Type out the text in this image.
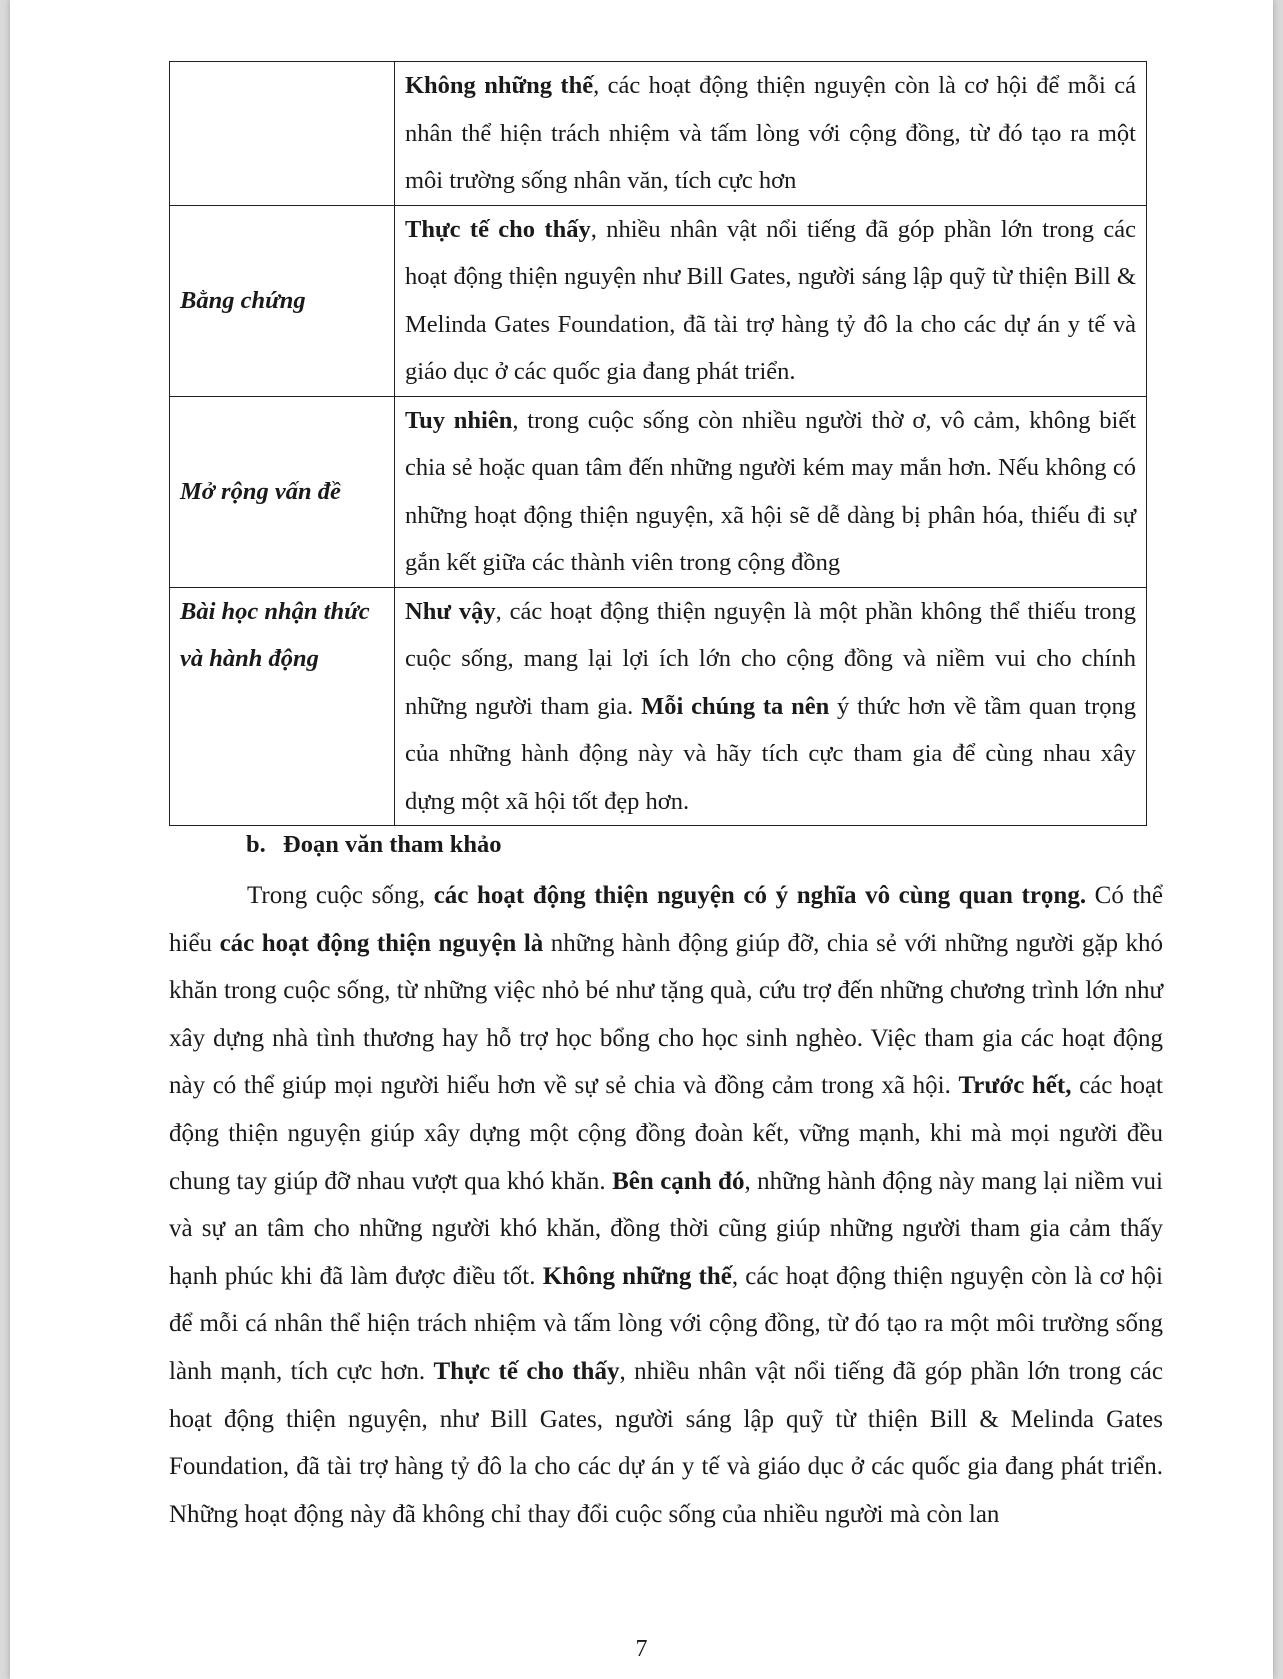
	Không những thế, các hoạt động thiện nguyện còn là cơ hội để mỗi cá nhân thể hiện trách nhiệm và tấm lòng với cộng đồng, từ đó tạo ra một môi trường sống nhân văn, tích cực hơn

Bằng chứng	Thực tế cho thấy, nhiều nhân vật nổi tiếng đã góp phần lớn trong các hoạt động thiện nguyện như Bill Gates, người sáng lập quỹ từ thiện Bill & Melinda Gates Foundation, đã tài trợ hàng tỷ đô la cho các dự án y tế và giáo dục ở các quốc gia đang phát triển.

Mở rộng vấn đề	Tuy nhiên, trong cuộc sống còn nhiều người thờ ơ, vô cảm, không biết chia sẻ hoặc quan tâm đến những người kém may mắn hơn. Nếu không có những hoạt động thiện nguyện, xã hội sẽ dễ dàng bị phân hóa, thiếu đi sự gắn kết giữa các thành viên trong cộng đồng

Bài học nhận thức và hành động	Như vậy, các hoạt động thiện nguyện là một phần không thể thiếu trong cuộc sống, mang lại lợi ích lớn cho cộng đồng và niềm vui cho chính những người tham gia. Mỗi chúng ta nên ý thức hơn về tầm quan trọng của những hành động này và hãy tích cực tham gia để cùng nhau xây dựng một xã hội tốt đẹp hơn.
b. Đoạn văn tham khảo

Trong cuộc sống, các hoạt động thiện nguyện có ý nghĩa vô cùng quan trọng. Có thể hiểu các hoạt động thiện nguyện là những hành động giúp đỡ, chia sẻ với những người gặp khó khăn trong cuộc sống, từ những việc nhỏ bé như tặng quà, cứu trợ đến những chương trình lớn như xây dựng nhà tình thương hay hỗ trợ học bổng cho học sinh nghèo. Việc tham gia các hoạt động này có thể giúp mọi người hiểu hơn về sự sẻ chia và đồng cảm trong xã hội. Trước hết, các hoạt động thiện nguyện giúp xây dựng một cộng đồng đoàn kết, vững mạnh, khi mà mọi người đều chung tay giúp đỡ nhau vượt qua khó khăn. Bên cạnh đó, những hành động này mang lại niềm vui và sự an tâm cho những người khó khăn, đồng thời cũng giúp những người tham gia cảm thấy hạnh phúc khi đã làm được điều tốt. Không những thế, các hoạt động thiện nguyện còn là cơ hội để mỗi cá nhân thể hiện trách nhiệm và tấm lòng với cộng đồng, từ đó tạo ra một môi trường sống lành mạnh, tích cực hơn. Thực tế cho thấy, nhiều nhân vật nổi tiếng đã góp phần lớn trong các hoạt động thiện nguyện, như Bill Gates, người sáng lập quỹ từ thiện Bill & Melinda Gates Foundation, đã tài trợ hàng tỷ đô la cho các dự án y tế và giáo dục ở các quốc gia đang phát triển. Những hoạt động này đã không chỉ thay đổi cuộc sống của nhiều người mà còn lan

7
